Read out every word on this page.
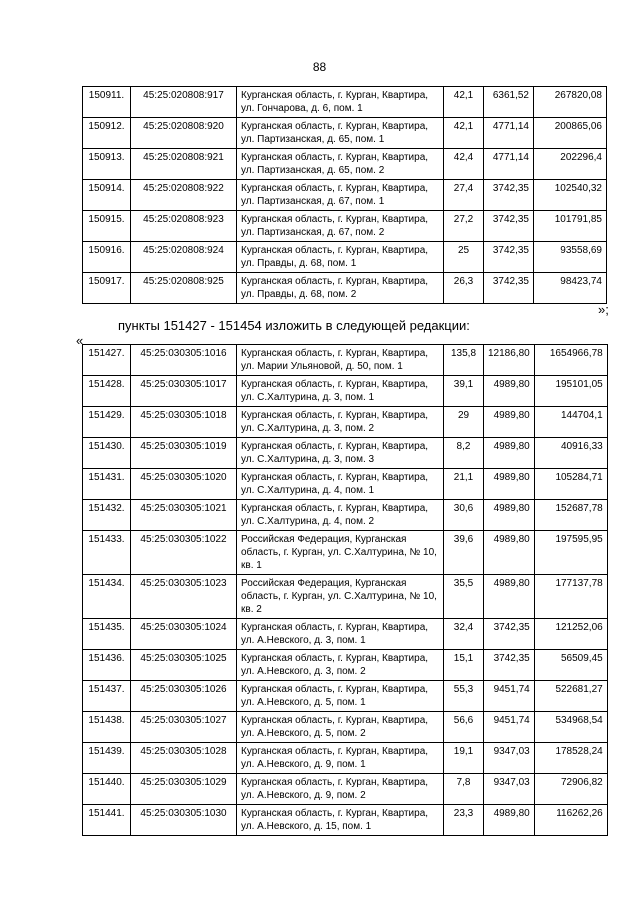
88
150911.	45:25:020808:917	Курганская область, г. Курган, Квартира, ул. Гончарова, д. 6, пом. 1	42,1	6361,52	267820,08
150912.	45:25:020808:920	Курганская область, г. Курган, Квартира, ул. Партизанская, д. 65, пом. 1	42,1	4771,14	200865,06
150913.	45:25:020808:921	Курганская область, г. Курган, Квартира, ул. Партизанская, д. 65, пом. 2	42,4	4771,14	202296,4
150914.	45:25:020808:922	Курганская область, г. Курган, Квартира, ул. Партизанская, д. 67, пом. 1	27,4	3742,35	102540,32
150915.	45:25:020808:923	Курганская область, г. Курган, Квартира, ул. Партизанская, д. 67, пом. 2	27,2	3742,35	101791,85
150916.	45:25:020808:924	Курганская область, г. Курган, Квартира, ул. Правды, д. 68, пом. 1	25	3742,35	93558,69
150917.	45:25:020808:925	Курганская область, г. Курган, Квартира, ул. Правды, д. 68, пом. 2	26,3	3742,35	98423,74
»;
пункты 151427 - 151454 изложить в следующей редакции:
«
151427.	45:25:030305:1016	Курганская область, г. Курган, Квартира, ул. Марии Ульяновой, д. 50, пом. 1	135,8	12186,80	1654966,78
151428.	45:25:030305:1017	Курганская область, г. Курган, Квартира, ул. С.Халтурина, д. 3, пом. 1	39,1	4989,80	195101,05
151429.	45:25:030305:1018	Курганская область, г. Курган, Квартира, ул. С.Халтурина, д. 3, пом. 2	29	4989,80	144704,1
151430.	45:25:030305:1019	Курганская область, г. Курган, Квартира, ул. С.Халтурина, д. 3, пом. 3	8,2	4989,80	40916,33
151431.	45:25:030305:1020	Курганская область, г. Курган, Квартира, ул. С.Халтурина, д. 4, пом. 1	21,1	4989,80	105284,71
151432.	45:25:030305:1021	Курганская область, г. Курган, Квартира, ул. С.Халтурина, д. 4, пом. 2	30,6	4989,80	152687,78
151433.	45:25:030305:1022	Российская Федерация, Курганская область, г. Курган, ул. С.Халтурина, № 10, кв. 1	39,6	4989,80	197595,95
151434.	45:25:030305:1023	Российская Федерация, Курганская область, г. Курган, ул. С.Халтурина, № 10, кв. 2	35,5	4989,80	177137,78
151435.	45:25:030305:1024	Курганская область, г. Курган, Квартира, ул. А.Невского, д. 3, пом. 1	32,4	3742,35	121252,06
151436.	45:25:030305:1025	Курганская область, г. Курган, Квартира, ул. А.Невского, д. 3, пом. 2	15,1	3742,35	56509,45
151437.	45:25:030305:1026	Курганская область, г. Курган, Квартира, ул. А.Невского, д. 5, пом. 1	55,3	9451,74	522681,27
151438.	45:25:030305:1027	Курганская область, г. Курган, Квартира, ул. А.Невского, д. 5, пом. 2	56,6	9451,74	534968,54
151439.	45:25:030305:1028	Курганская область, г. Курган, Квартира, ул. А.Невского, д. 9, пом. 1	19,1	9347,03	178528,24
151440.	45:25:030305:1029	Курганская область, г. Курган, Квартира, ул. А.Невского, д. 9, пом. 2	7,8	9347,03	72906,82
151441.	45:25:030305:1030	Курганская область, г. Курган, Квартира, ул. А.Невского, д. 15, пом. 1	23,3	4989,80	116262,26
